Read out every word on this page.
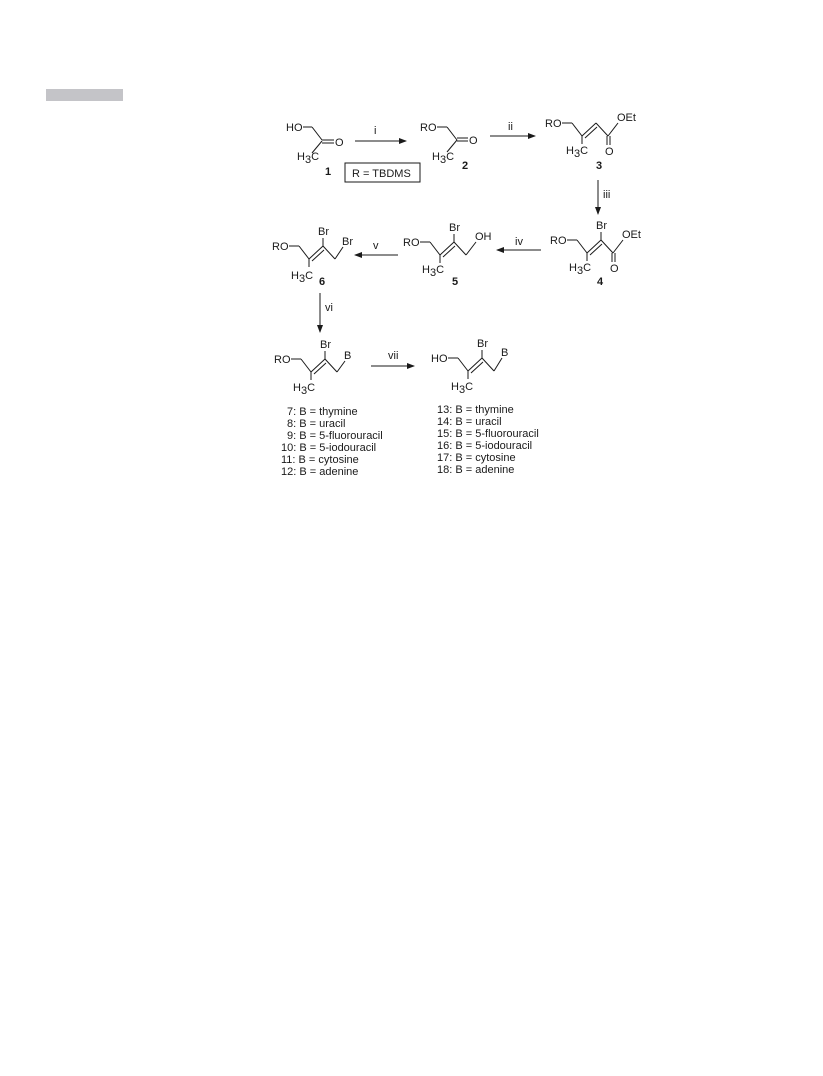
HO
O
H3C
1
i
R = TBDMS
RO
O
H3C
2
ii	RO	OEt
O
H3C
3
iii
RO
Br
OEt
O
H3C
4
iv
RO
Br
OH
H3C
5
v
RO
Br
Br
H3C 6
vi
RO
Br
B
H3C
vii	HO
Br
B
H3C
7: B = thymine
8: B = uracil
9: B = 5-fluorouracil
10: B = 5-iodouracil
11: B = cytosine
12: B = adenine
13: B = thymine
14: B = uracil
15: B = 5-fluorouracil
16: B = 5-iodouracil
17: B = cytosine
18: B = adenine
